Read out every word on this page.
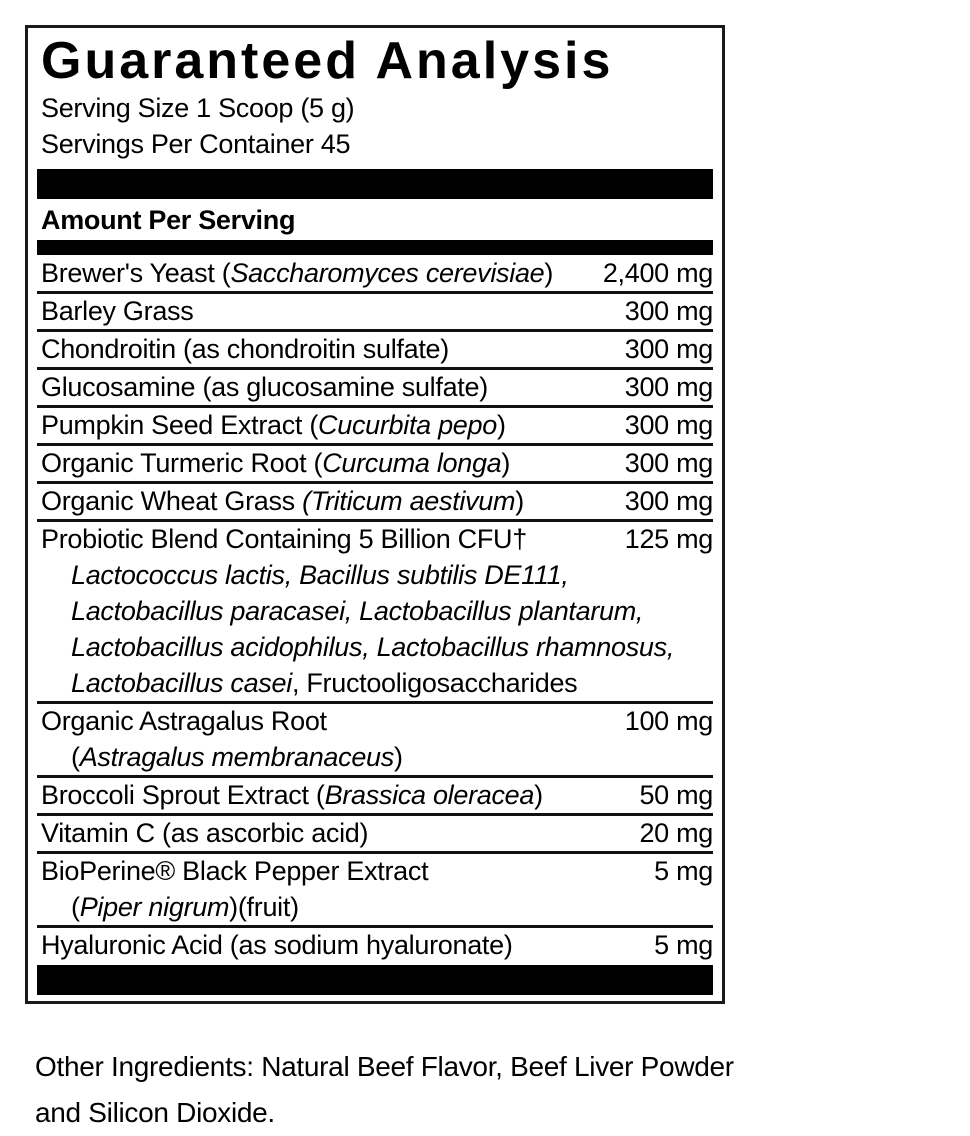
Guaranteed Analysis
Serving Size 1 Scoop (5 g)
Servings Per Container 45
Amount Per Serving
Brewer's Yeast (Saccharomyces cerevisiae)	2,400 mg
Barley Grass	300 mg
Chondroitin (as chondroitin sulfate)	300 mg
Glucosamine (as glucosamine sulfate)	300 mg
Pumpkin Seed Extract (Cucurbita pepo)	300 mg
Organic Turmeric Root (Curcuma longa)	300 mg
Organic Wheat Grass (Triticum aestivum)	300 mg
Probiotic Blend Containing 5 Billion CFU†	125 mg
Lactococcus lactis, Bacillus subtilis DE111,
Lactobacillus paracasei, Lactobacillus plantarum,
Lactobacillus acidophilus, Lactobacillus rhamnosus,
Lactobacillus casei, Fructooligosaccharides
Organic Astragalus Root	100 mg
(Astragalus membranaceus)
Broccoli Sprout Extract (Brassica oleracea)	50 mg
Vitamin C (as ascorbic acid)	20 mg
BioPerine® Black Pepper Extract	5 mg
(Piper nigrum)(fruit)
Hyaluronic Acid (as sodium hyaluronate)	5 mg

Other Ingredients: Natural Beef Flavor, Beef Liver Powder and Silicon Dioxide.
